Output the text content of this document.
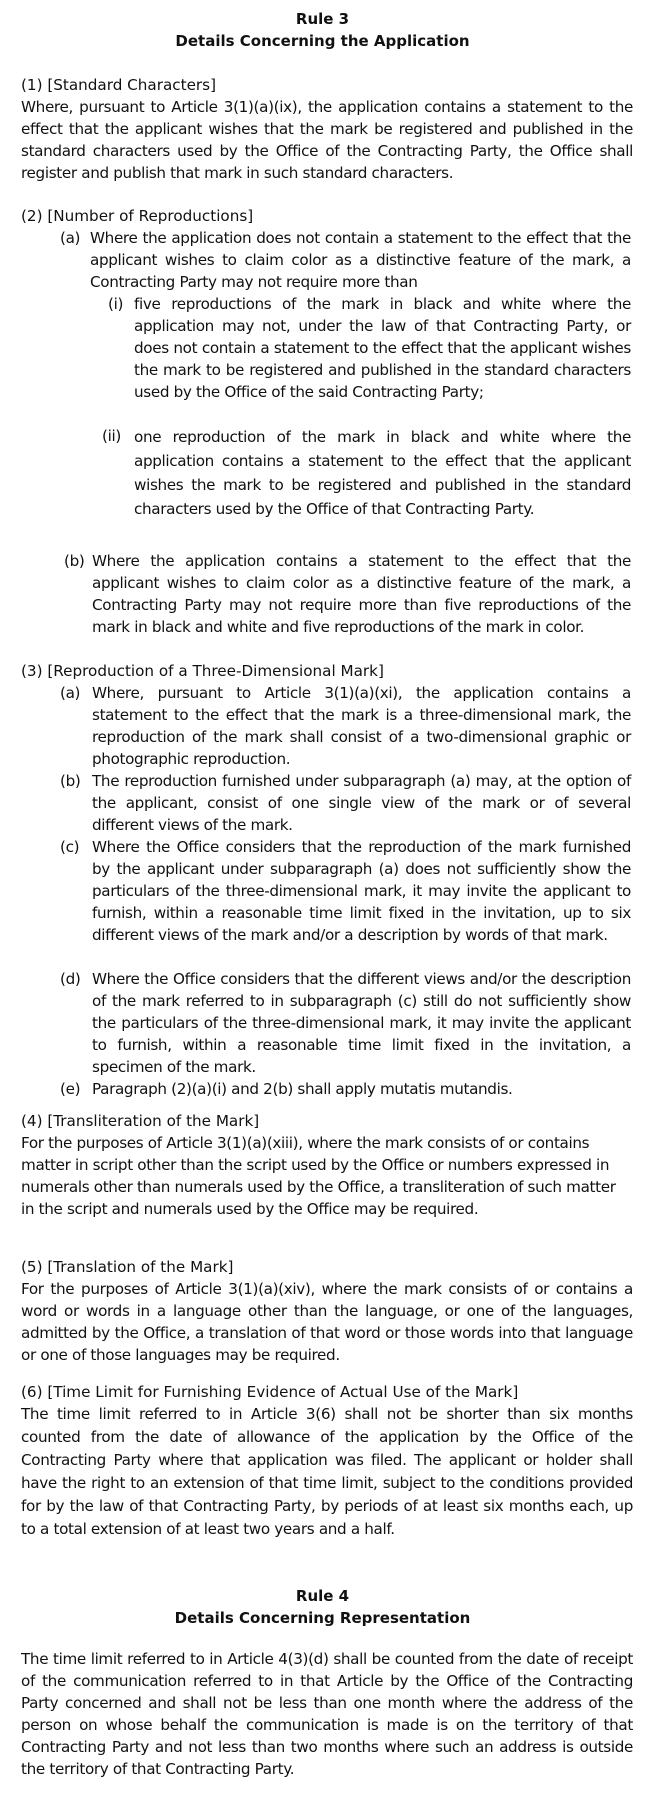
Rule 3
Details Concerning the Application
(1) [Standard Characters]
Where, pursuant to Article 3(1)(a)(ix), the application contains a statement to the effect that the applicant wishes that the mark be registered and published in the standard characters used by the Office of the Contracting Party, the Office shall register and publish that mark in such standard characters.
(2) [Number of Reproductions]
(a) Where the application does not contain a statement to the effect that the applicant wishes to claim color as a distinctive feature of the mark, a Contracting Party may not require more than
(i) five reproductions of the mark in black and white where the application may not, under the law of that Contracting Party, or does not contain a statement to the effect that the applicant wishes the mark to be registered and published in the standard characters used by the Office of the said Contracting Party;
(ii) one reproduction of the mark in black and white where the application contains a statement to the effect that the applicant wishes the mark to be registered and published in the standard characters used by the Office of that Contracting Party.
(b) Where the application contains a statement to the effect that the applicant wishes to claim color as a distinctive feature of the mark, a Contracting Party may not require more than five reproductions of the mark in black and white and five reproductions of the mark in color.
(3) [Reproduction of a Three-Dimensional Mark]
(a) Where, pursuant to Article 3(1)(a)(xi), the application contains a statement to the effect that the mark is a three-dimensional mark, the reproduction of the mark shall consist of a two-dimensional graphic or photographic reproduction.
(b) The reproduction furnished under subparagraph (a) may, at the option of the applicant, consist of one single view of the mark or of several different views of the mark.
(c) Where the Office considers that the reproduction of the mark furnished by the applicant under subparagraph (a) does not sufficiently show the particulars of the three-dimensional mark, it may invite the applicant to furnish, within a reasonable time limit fixed in the invitation, up to six different views of the mark and/or a description by words of that mark.
(d) Where the Office considers that the different views and/or the description of the mark referred to in subparagraph (c) still do not sufficiently show the particulars of the three-dimensional mark, it may invite the applicant to furnish, within a reasonable time limit fixed in the invitation, a specimen of the mark.
(e) Paragraph (2)(a)(i) and 2(b) shall apply mutatis mutandis.
(4) [Transliteration of the Mark]
For the purposes of Article 3(1)(a)(xiii), where the mark consists of or contains matter in script other than the script used by the Office or numbers expressed in numerals other than numerals used by the Office, a transliteration of such matter in the script and numerals used by the Office may be required.
(5) [Translation of the Mark]
For the purposes of Article 3(1)(a)(xiv), where the mark consists of or contains a word or words in a language other than the language, or one of the languages, admitted by the Office, a translation of that word or those words into that language or one of those languages may be required.
(6) [Time Limit for Furnishing Evidence of Actual Use of the Mark]
The time limit referred to in Article 3(6) shall not be shorter than six months counted from the date of allowance of the application by the Office of the Contracting Party where that application was filed. The applicant or holder shall have the right to an extension of that time limit, subject to the conditions provided for by the law of that Contracting Party, by periods of at least six months each, up to a total extension of at least two years and a half.
Rule 4
Details Concerning Representation
The time limit referred to in Article 4(3)(d) shall be counted from the date of receipt of the communication referred to in that Article by the Office of the Contracting Party concerned and shall not be less than one month where the address of the person on whose behalf the communication is made is on the territory of that Contracting Party and not less than two months where such an address is outside the territory of that Contracting Party.
